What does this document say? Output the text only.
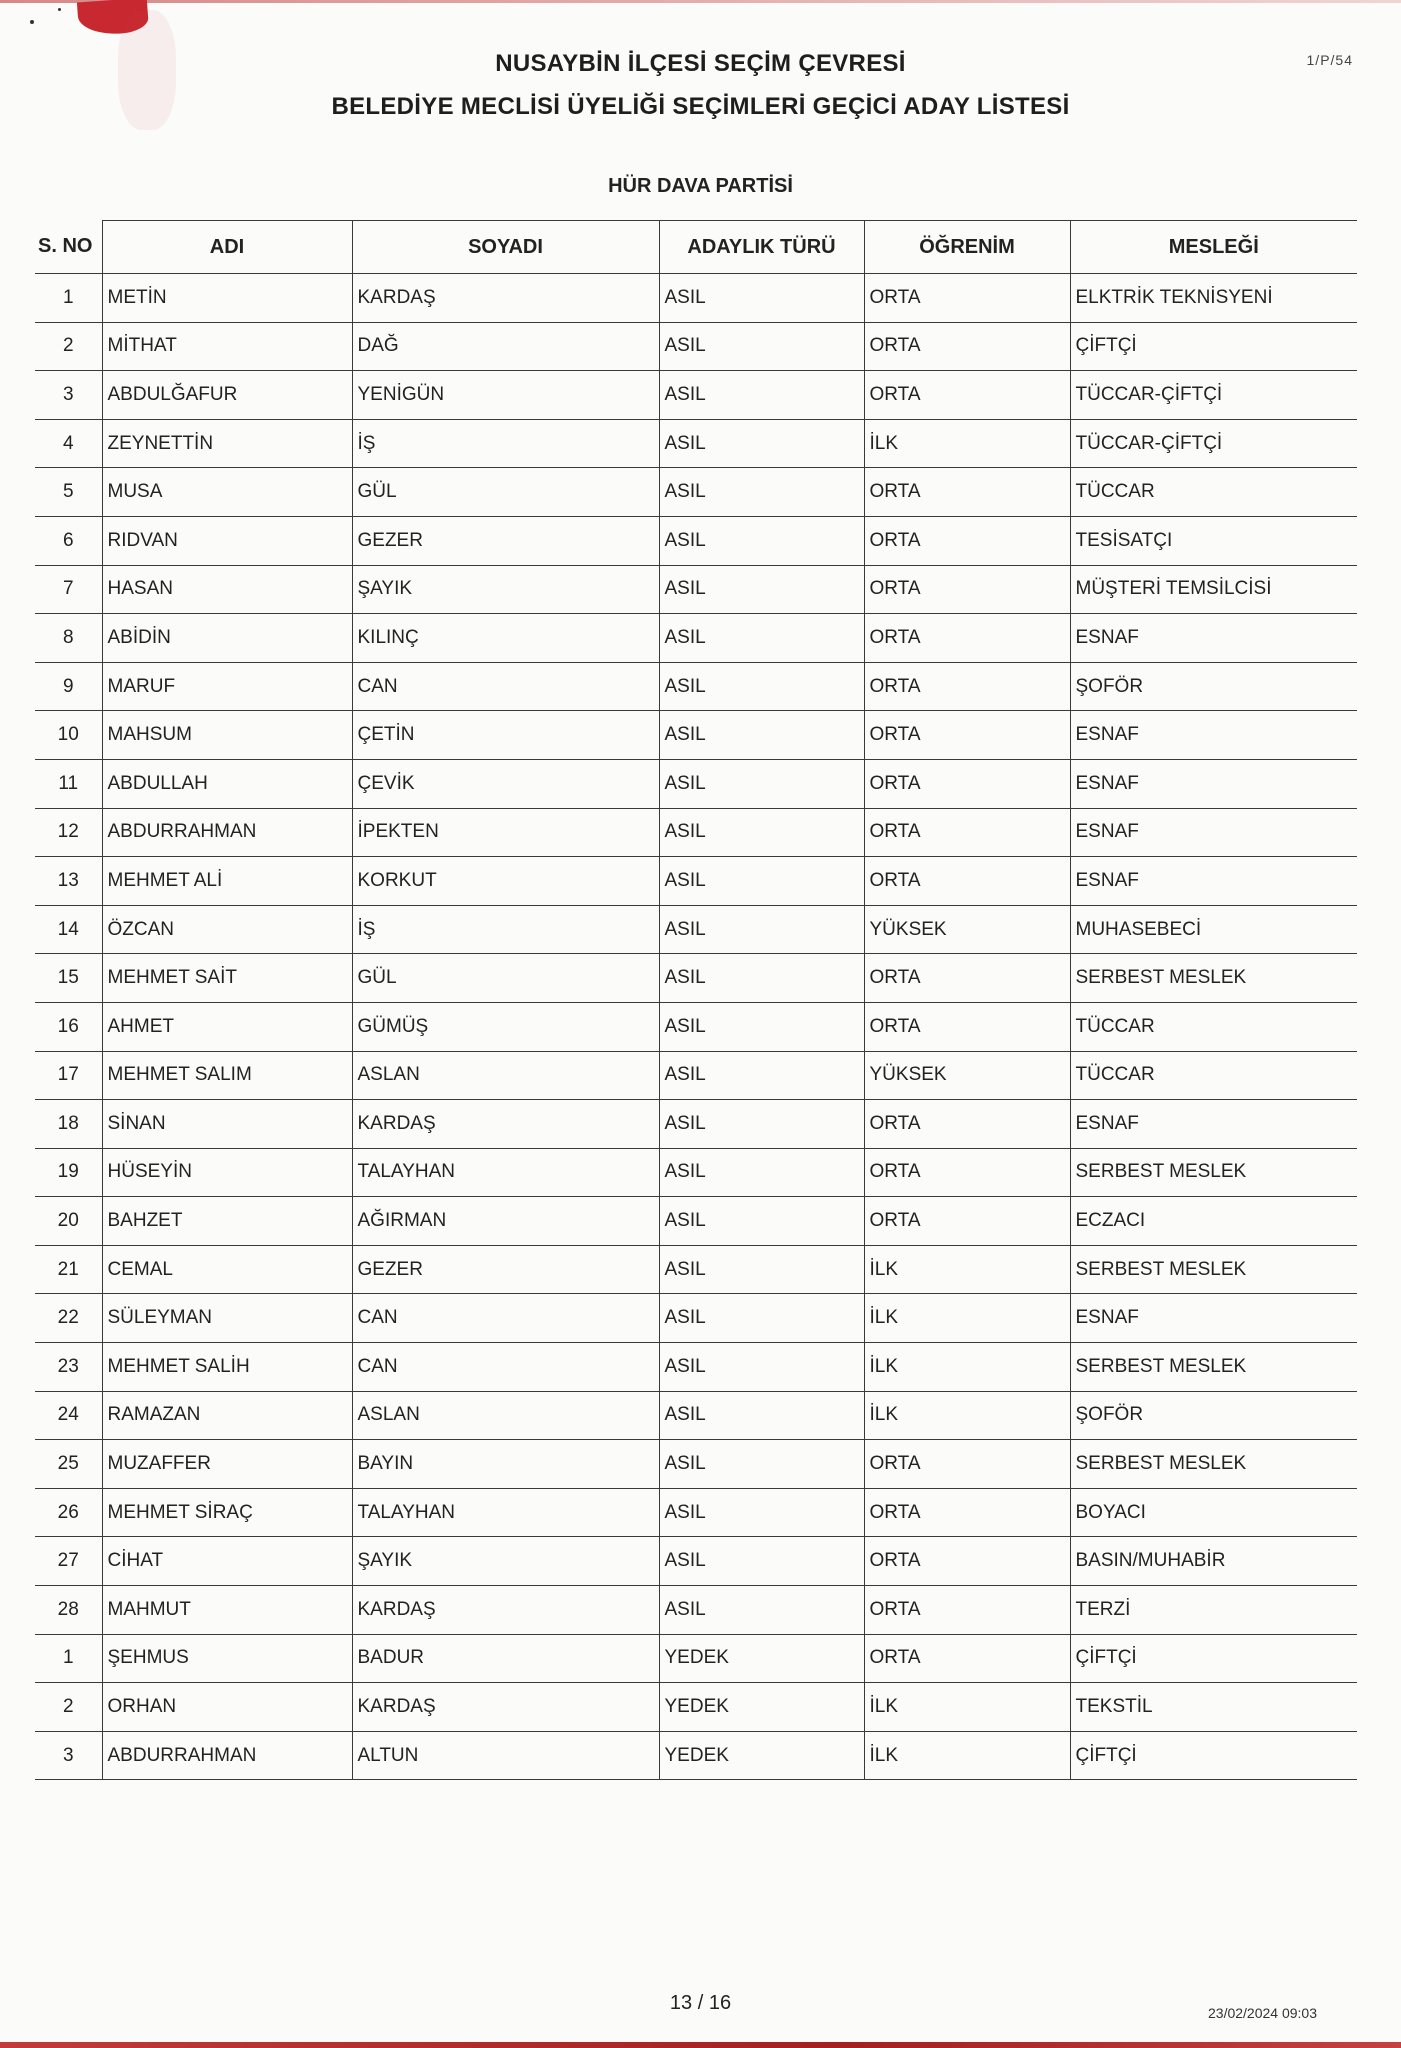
NUSAYBİN İLÇESİ SEÇİM ÇEVRESİ
BELEDİYE MECLİSİ ÜYELİĞİ SEÇİMLERİ GEÇİCİ ADAY LİSTESİ
1/P/54
HÜR DAVA PARTİSİ
S. NO	ADI	SOYADI	ADAYLIK TÜRÜ	ÖĞRENİM	MESLEĞİ
1	METİN	KARDAŞ	ASIL	ORTA	ELKTRİK TEKNİSYENİ
2	MİTHAT	DAĞ	ASIL	ORTA	ÇİFTÇİ
3	ABDULĞAFUR	YENİGÜN	ASIL	ORTA	TÜCCAR-ÇİFTÇİ
4	ZEYNETTİN	İŞ	ASIL	İLK	TÜCCAR-ÇİFTÇİ
5	MUSA	GÜL	ASIL	ORTA	TÜCCAR
6	RIDVAN	GEZER	ASIL	ORTA	TESİSATÇI
7	HASAN	ŞAYIK	ASIL	ORTA	MÜŞTERİ TEMSİLCİSİ
8	ABİDİN	KILINÇ	ASIL	ORTA	ESNAF
9	MARUF	CAN	ASIL	ORTA	ŞOFÖR
10	MAHSUM	ÇETİN	ASIL	ORTA	ESNAF
11	ABDULLAH	ÇEVİK	ASIL	ORTA	ESNAF
12	ABDURRAHMAN	İPEKTEN	ASIL	ORTA	ESNAF
13	MEHMET ALİ	KORKUT	ASIL	ORTA	ESNAF
14	ÖZCAN	İŞ	ASIL	YÜKSEK	MUHASEBECİ
15	MEHMET SAİT	GÜL	ASIL	ORTA	SERBEST MESLEK
16	AHMET	GÜMÜŞ	ASIL	ORTA	TÜCCAR
17	MEHMET SALIM	ASLAN	ASIL	YÜKSEK	TÜCCAR
18	SİNAN	KARDAŞ	ASIL	ORTA	ESNAF
19	HÜSEYİN	TALAYHAN	ASIL	ORTA	SERBEST MESLEK
20	BAHZET	AĞIRMAN	ASIL	ORTA	ECZACI
21	CEMAL	GEZER	ASIL	İLK	SERBEST MESLEK
22	SÜLEYMAN	CAN	ASIL	İLK	ESNAF
23	MEHMET SALİH	CAN	ASIL	İLK	SERBEST MESLEK
24	RAMAZAN	ASLAN	ASIL	İLK	ŞOFÖR
25	MUZAFFER	BAYIN	ASIL	ORTA	SERBEST MESLEK
26	MEHMET SİRAÇ	TALAYHAN	ASIL	ORTA	BOYACI
27	CİHAT	ŞAYIK	ASIL	ORTA	BASIN/MUHABİR
28	MAHMUT	KARDAŞ	ASIL	ORTA	TERZİ
1	ŞEHMUS	BADUR	YEDEK	ORTA	ÇİFTÇİ
2	ORHAN	KARDAŞ	YEDEK	İLK	TEKSTİL
3	ABDURRAHMAN	ALTUN	YEDEK	İLK	ÇİFTÇİ
13 / 16	23/02/2024 09:03
